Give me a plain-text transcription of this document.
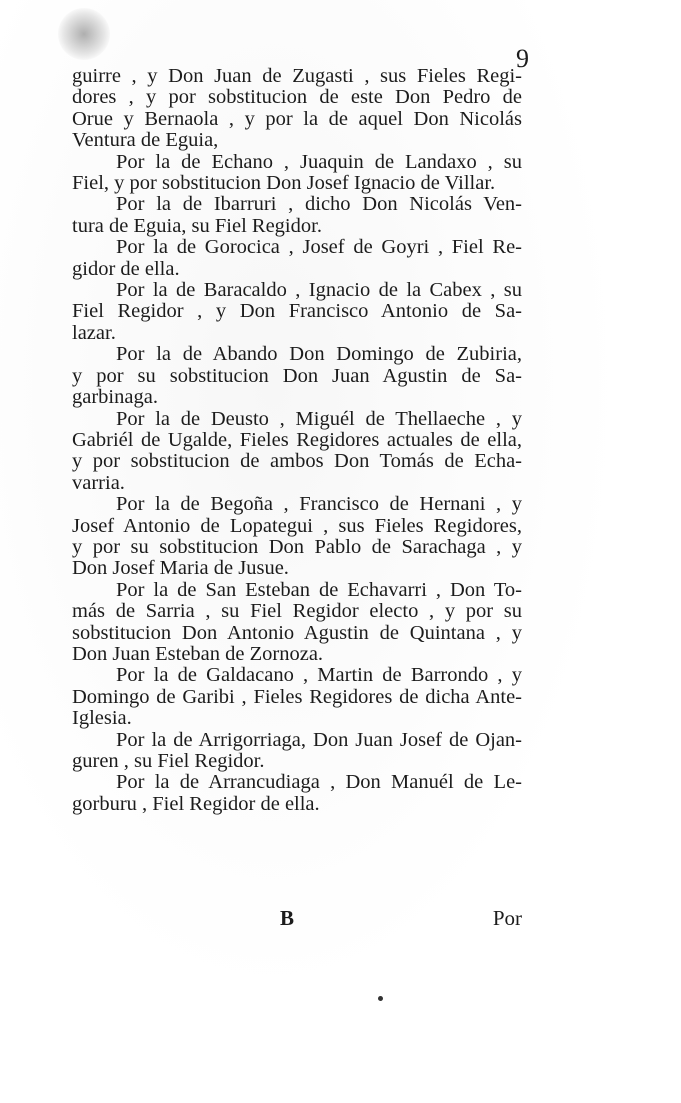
9
guirre , y Don Juan de Zugasti , sus Fieles Regi-
dores , y por sobstitucion de este Don Pedro de
Orue y Bernaola , y por la de aquel Don Nicolás
Ventura de Eguia,
Por la de Echano , Juaquin de Landaxo , su
Fiel, y por sobstitucion Don Josef Ignacio de Villar.
Por la de Ibarruri , dicho Don Nicolás Ven-
tura de Eguia, su Fiel Regidor.
Por la de Gorocica , Josef de Goyri , Fiel Re-
gidor de ella.
Por la de Baracaldo , Ignacio de la Cabex , su
Fiel Regidor , y Don Francisco Antonio de Sa-
lazar.
Por la de Abando Don Domingo de Zubiria,
y por su sobstitucion Don Juan Agustin de Sa-
garbinaga.
Por la de Deusto , Miguél de Thellaeche , y
Gabriél de Ugalde, Fieles Regidores actuales de ella,
y por sobstitucion de ambos Don Tomás de Echa-
varria.
Por la de Begoña , Francisco de Hernani , y
Josef Antonio de Lopategui , sus Fieles Regidores,
y por su sobstitucion Don Pablo de Sarachaga , y
Don Josef Maria de Jusue.
Por la de San Esteban de Echavarri , Don To-
más de Sarria , su Fiel Regidor electo , y por su
sobstitucion Don Antonio Agustin de Quintana , y
Don Juan Esteban de Zornoza.
Por la de Galdacano , Martin de Barrondo , y
Domingo de Garibi , Fieles Regidores de dicha Ante-
Iglesia.
Por la de Arrigorriaga, Don Juan Josef de Ojan-
guren , su Fiel Regidor.
Por la de Arrancudiaga , Don Manuél de Le-
gorburu , Fiel Regidor de ella.
B	Por
